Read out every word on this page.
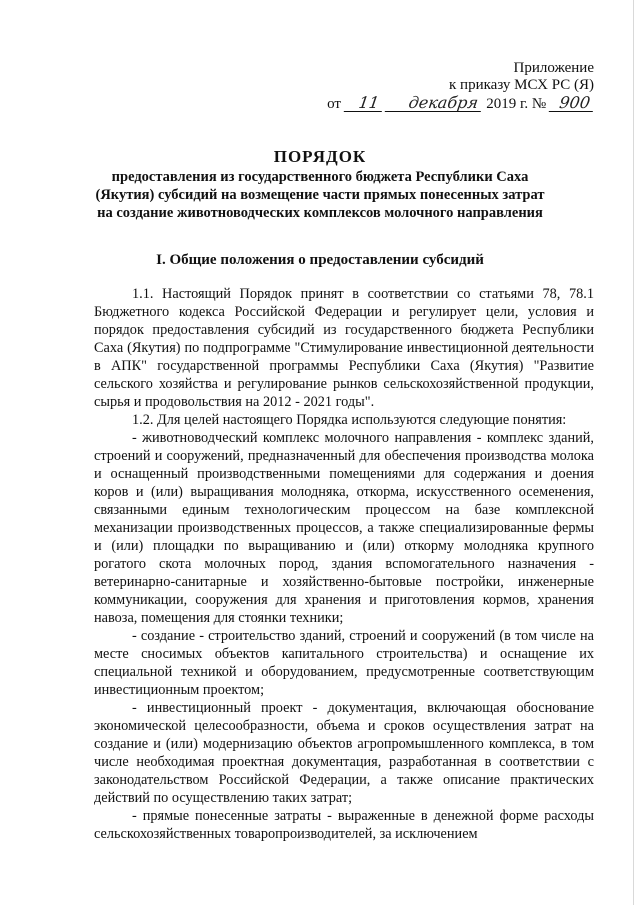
Приложение
к приказу МСХ РС (Я)
от 11 декабря 2019 г. № 900
ПОРЯДОК
предоставления из государственного бюджета Республики Саха (Якутия) субсидий на возмещение части прямых понесенных затрат на создание животноводческих комплексов молочного направления
I. Общие положения о предоставлении субсидий

1.1. Настоящий Порядок принят в соответствии со статьями 78, 78.1 Бюджетного кодекса Российской Федерации и регулирует цели, условия и порядок предоставления субсидий из государственного бюджета Республики Саха (Якутия) по подпрограмме "Стимулирование инвестиционной деятельности в АПК" государственной программы Республики Саха (Якутия) "Развитие сельского хозяйства и регулирование рынков сельскохозяйственной продукции, сырья и продовольствия на 2012 - 2021 годы".

1.2. Для целей настоящего Порядка используются следующие понятия:

- животноводческий комплекс молочного направления - комплекс зданий, строений и сооружений, предназначенный для обеспечения производства молока и оснащенный производственными помещениями для содержания и доения коров и (или) выращивания молодняка, откорма, искусственного осеменения, связанными единым технологическим процессом на базе комплексной механизации производственных процессов, а также специализированные фермы и (или) площадки по выращиванию и (или) откорму молодняка крупного рогатого скота молочных пород, здания вспомогательного назначения - ветеринарно-санитарные и хозяйственно-бытовые постройки, инженерные коммуникации, сооружения для хранения и приготовления кормов, хранения навоза, помещения для стоянки техники;

- создание - строительство зданий, строений и сооружений (в том числе на месте сносимых объектов капитального строительства) и оснащение их специальной техникой и оборудованием, предусмотренные соответствующим инвестиционным проектом;

- инвестиционный проект - документация, включающая обоснование экономической целесообразности, объема и сроков осуществления затрат на создание и (или) модернизацию объектов агропромышленного комплекса, в том числе необходимая проектная документация, разработанная в соответствии с законодательством Российской Федерации, а также описание практических действий по осуществлению таких затрат;

- прямые понесенные затраты - выраженные в денежной форме расходы сельскохозяйственных товаропроизводителей, за исключением
